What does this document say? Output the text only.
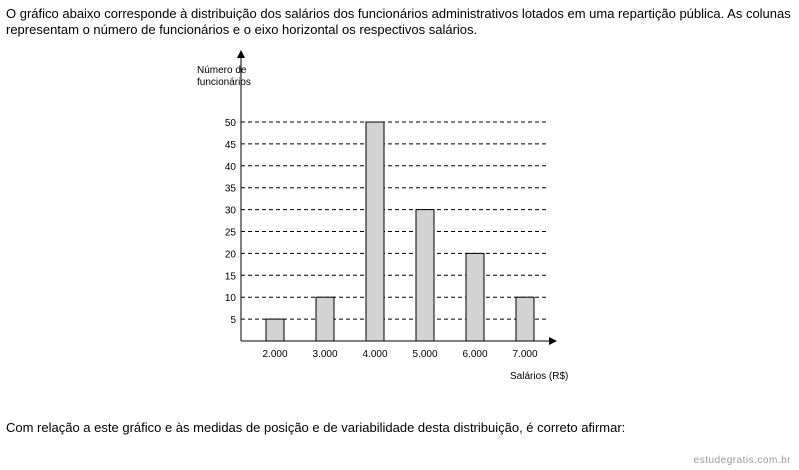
O gráfico abaixo corresponde à distribuição dos salários dos funcionários administrativos lotados em uma repartição pública. As colunas representam o número de funcionários e o eixo horizontal os respectivos salários.

5
10
15
20
25
30
35
40
45
50
2.000 3.000 4.000 5.000 6.000 7.000
Número de
funcionários
Salários (R$)

Com relação a este gráfico e às medidas de posição e de variabilidade desta distribuição, é correto afirmar:

estudegratis.com.br
